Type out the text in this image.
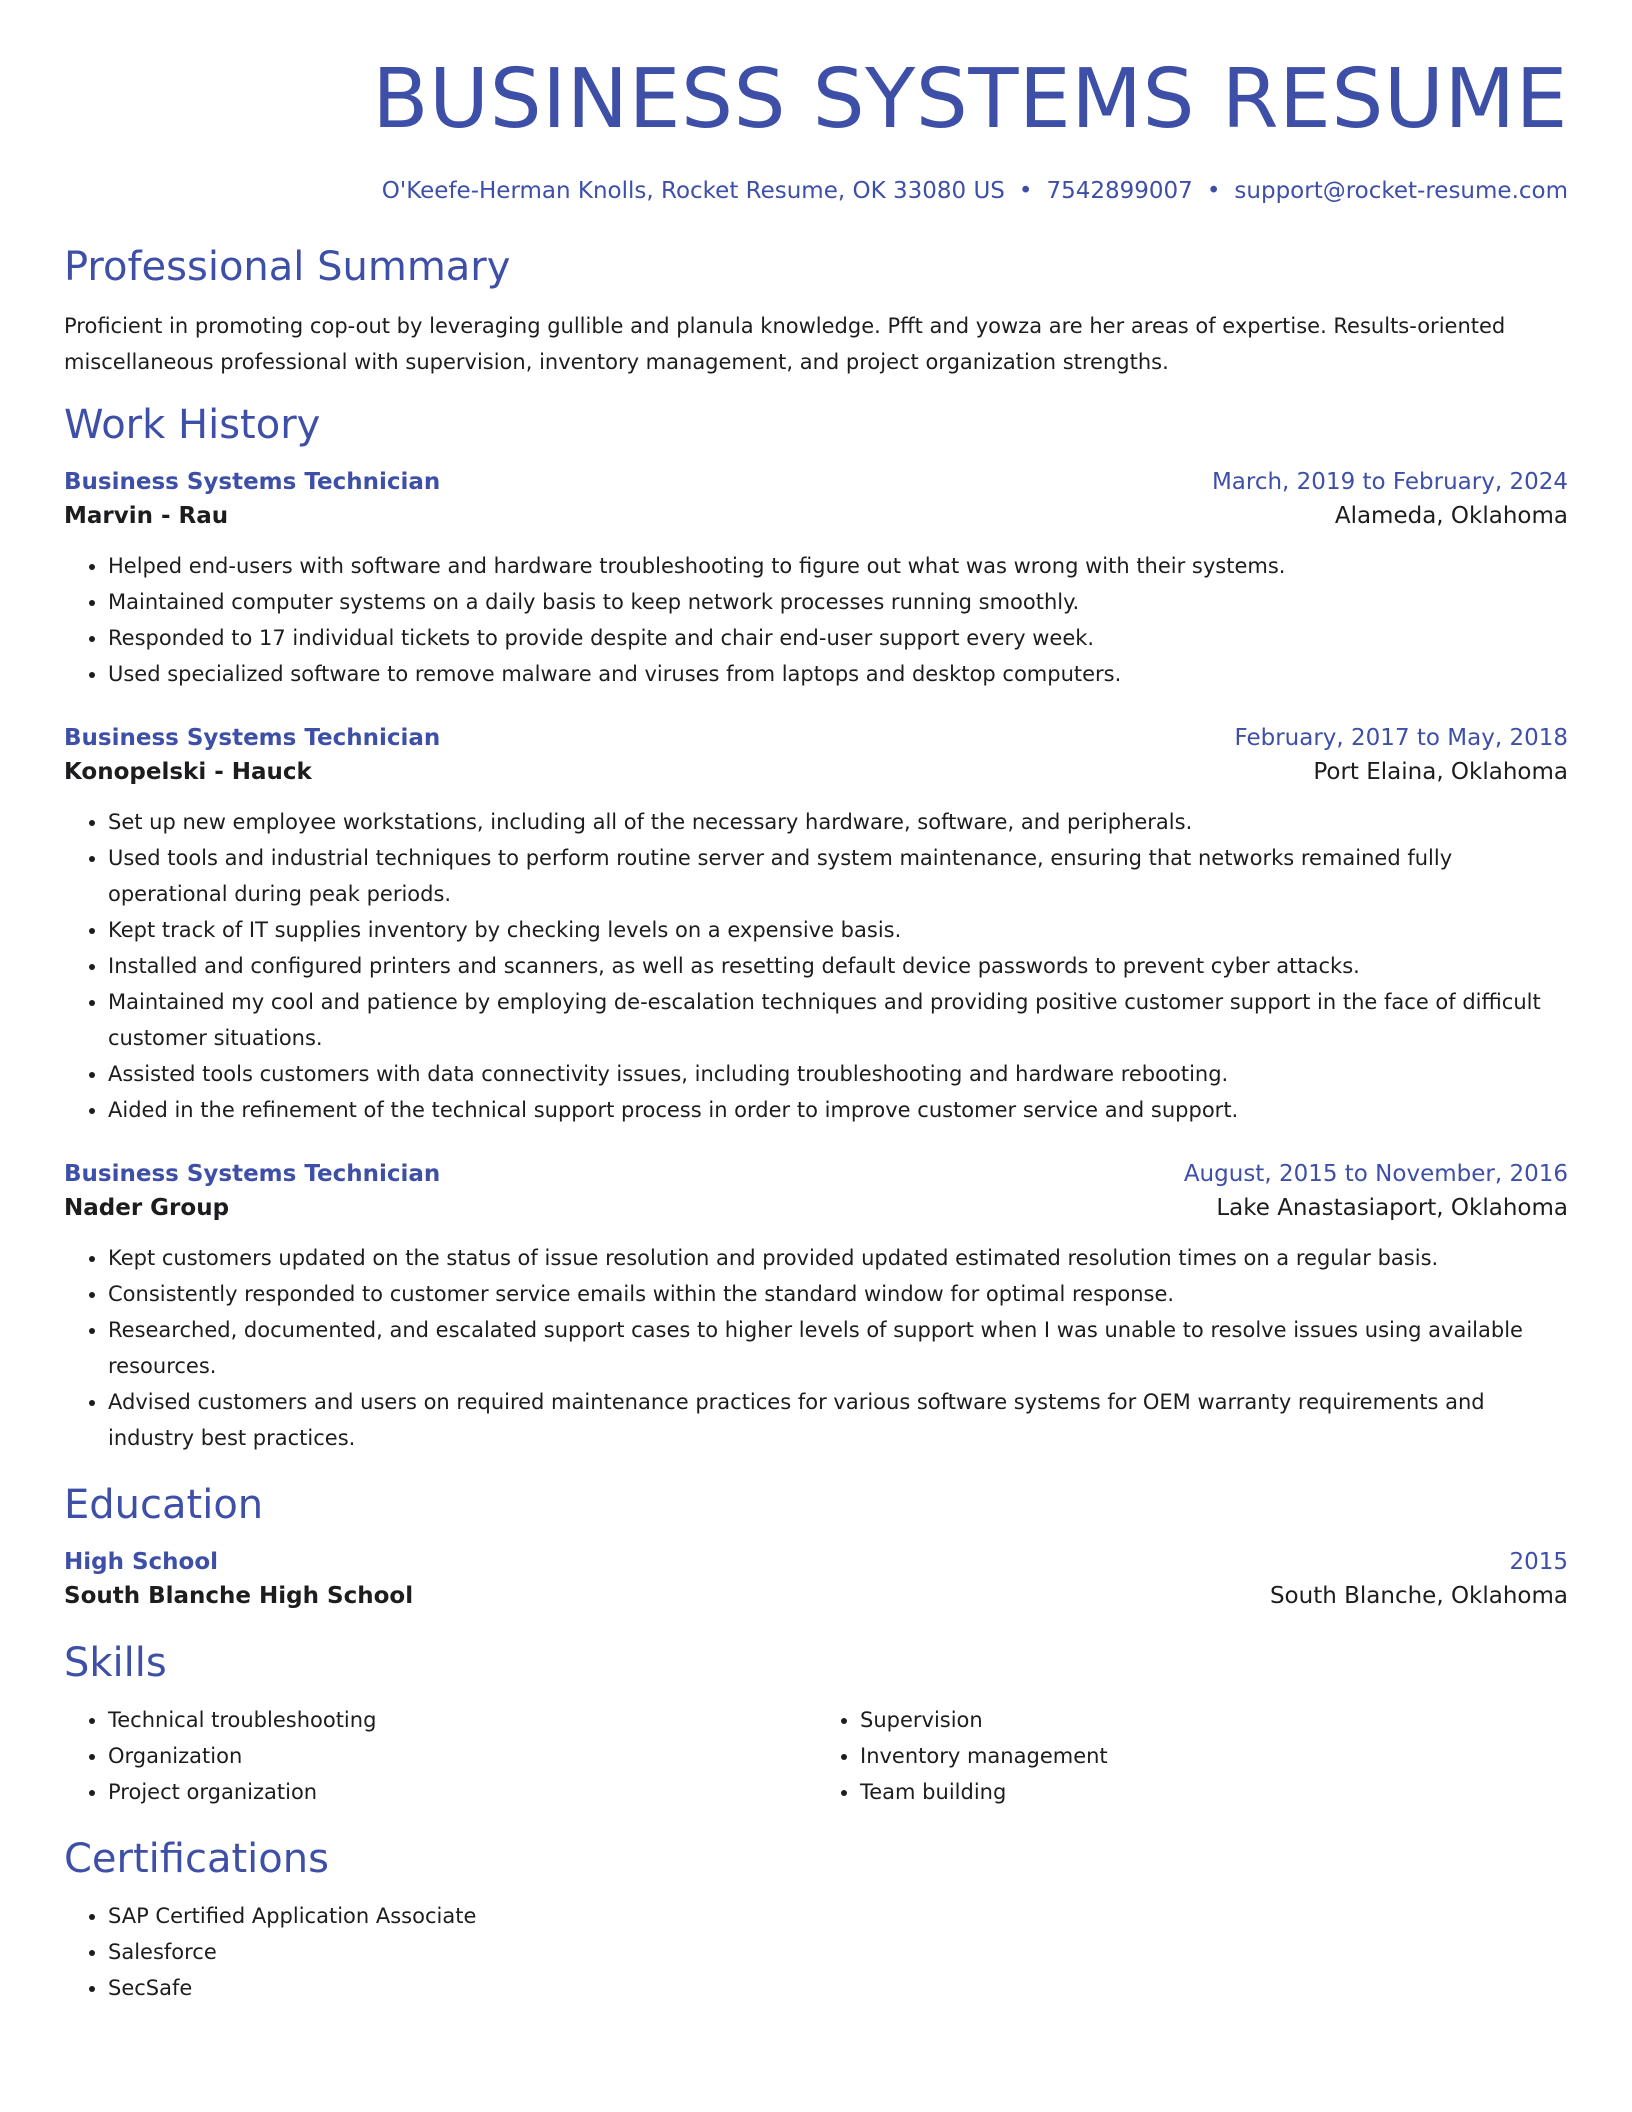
BUSINESS SYSTEMS RESUME
O'Keefe-Herman Knolls, Rocket Resume, OK 33080 US • 7542899007 • support@rocket-resume.com
Professional Summary
Proficient in promoting cop-out by leveraging gullible and planula knowledge. Pfft and yowza are her areas of expertise. Results-oriented miscellaneous professional with supervision, inventory management, and project organization strengths.
Work History
Business Systems Technician	March, 2019 to February, 2024
Marvin - Rau	Alameda, Oklahoma
• Helped end-users with software and hardware troubleshooting to figure out what was wrong with their systems.
• Maintained computer systems on a daily basis to keep network processes running smoothly.
• Responded to 17 individual tickets to provide despite and chair end-user support every week.
• Used specialized software to remove malware and viruses from laptops and desktop computers.
Business Systems Technician	February, 2017 to May, 2018
Konopelski - Hauck	Port Elaina, Oklahoma
• Set up new employee workstations, including all of the necessary hardware, software, and peripherals.
• Used tools and industrial techniques to perform routine server and system maintenance, ensuring that networks remained fully operational during peak periods.
• Kept track of IT supplies inventory by checking levels on a expensive basis.
• Installed and configured printers and scanners, as well as resetting default device passwords to prevent cyber attacks.
• Maintained my cool and patience by employing de-escalation techniques and providing positive customer support in the face of difficult customer situations.
• Assisted tools customers with data connectivity issues, including troubleshooting and hardware rebooting.
• Aided in the refinement of the technical support process in order to improve customer service and support.
Business Systems Technician	August, 2015 to November, 2016
Nader Group	Lake Anastasiaport, Oklahoma
• Kept customers updated on the status of issue resolution and provided updated estimated resolution times on a regular basis.
• Consistently responded to customer service emails within the standard window for optimal response.
• Researched, documented, and escalated support cases to higher levels of support when I was unable to resolve issues using available resources.
• Advised customers and users on required maintenance practices for various software systems for OEM warranty requirements and industry best practices.
Education
High School	2015
South Blanche High School	South Blanche, Oklahoma
Skills
• Technical troubleshooting
• Organization
• Project organization
• Supervision
• Inventory management
• Team building
Certifications
• SAP Certified Application Associate
• Salesforce
• SecSafe
